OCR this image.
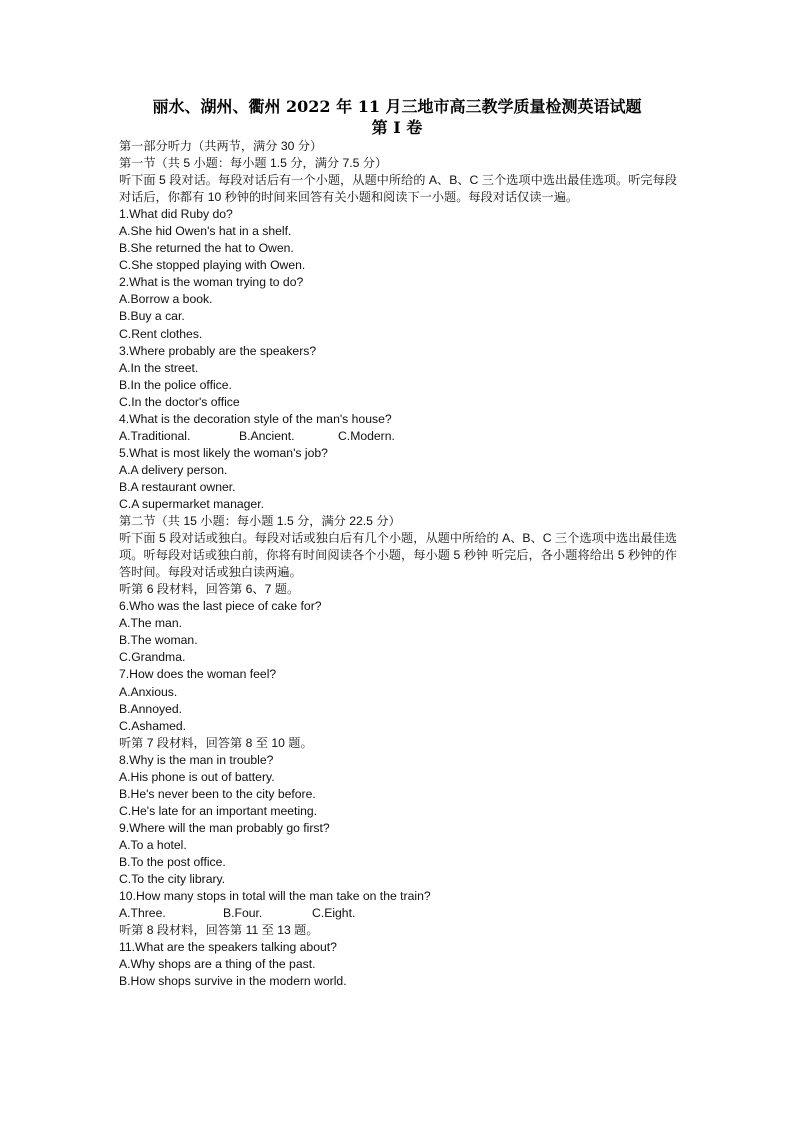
丽水、湖州、衢州 2022 年 11 月三地市高三教学质量检测英语试题
第 I 卷
第一部分听力（共两节，满分 30 分）
第一节（共 5 小题：每小题 1.5 分，满分 7.5 分）
听下面 5 段对话。每段对话后有一个小题，从题中所给的 A、B、C 三个选项中选出最佳选项。听完每段对话后，你都有 10 秒钟的时间来回答有关小题和阅读下一小题。每段对话仅读一遍。
1.What did Ruby do?
A.She hid Owen's hat in a shelf.
B.She returned the hat to Owen.
C.She stopped playing with Owen.
2.What is the woman trying to do?
A.Borrow a book.
B.Buy a car.
C.Rent clothes.
3.Where probably are the speakers?
A.In the street.
B.In the police office.
C.In the doctor's office
4.What is the decoration style of the man's house?
A.Traditional.	B.Ancient.	C.Modern.
5.What is most likely the woman's job?
A.A delivery person.
B.A restaurant owner.
C.A supermarket manager.
第二节（共 15 小题：每小题 1.5 分，满分 22.5 分）
听下面 5 段对话或独白。每段对话或独白后有几个小题，从题中所给的 A、B、C 三个选项中选出最佳选项。听每段对话或独白前，你将有时间阅读各个小题，每小题 5 秒钟 听完后，各小题将给出 5 秒钟的作答时间。每段对话或独白读两遍。
听第 6 段材料，回答第 6、7 题。
6.Who was the last piece of cake for?
A.The man.
B.The woman.
C.Grandma.
7.How does the woman feel?
A.Anxious.
B.Annoyed.
C.Ashamed.
听第 7 段材料，回答第 8 至 10 题。
8.Why is the man in trouble?
A.His phone is out of battery.
B.He's never been to the city before.
C.He's late for an important meeting.
9.Where will the man probably go first?
A.To a hotel.
B.To the post office.
C.To the city library.
10.How many stops in total will the man take on the train?
A.Three.	B.Four.	C.Eight.
听第 8 段材料，回答第 11 至 13 题。
11.What are the speakers talking about?
A.Why shops are a thing of the past.
B.How shops survive in the modern world.
